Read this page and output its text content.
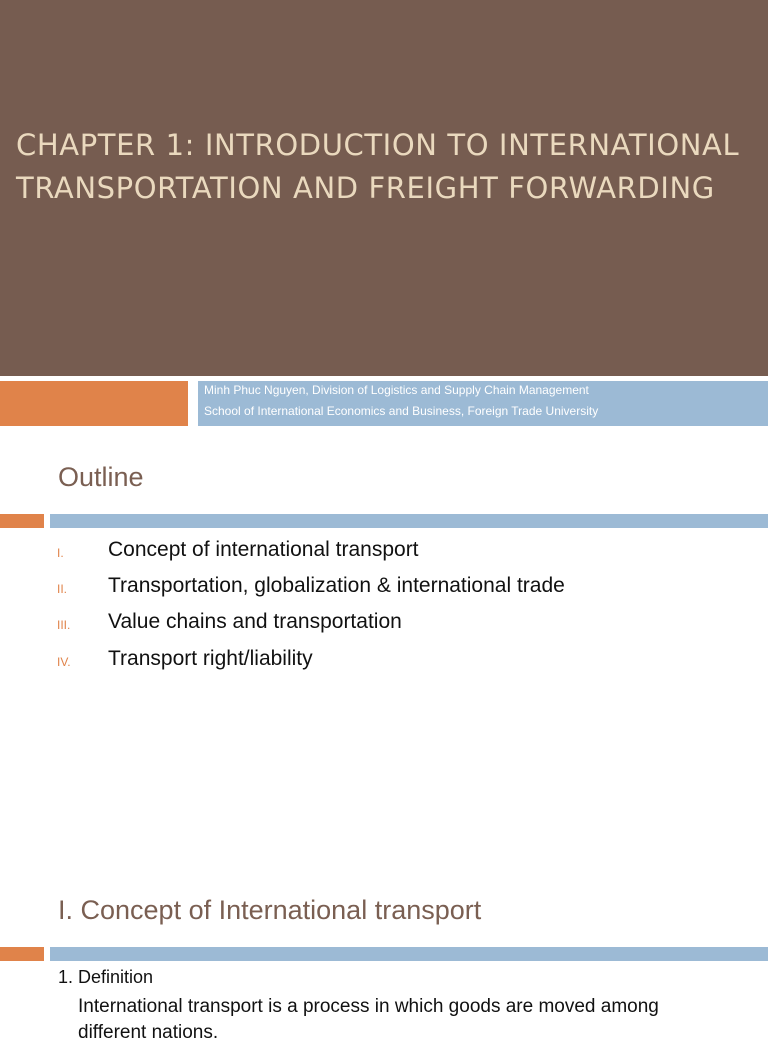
CHAPTER 1: INTRODUCTION TO INTERNATIONAL
TRANSPORTATION AND FREIGHT FORWARDING
Minh Phuc Nguyen, Division of Logistics and Supply Chain Management
School of International Economics and Business, Foreign Trade University
Outline
I. Concept of international transport
II. Transportation, globalization & international trade
III. Value chains and transportation
IV. Transport right/liability
I. Concept of International transport
1. Definition
International transport is a process in which goods are moved among different nations.
